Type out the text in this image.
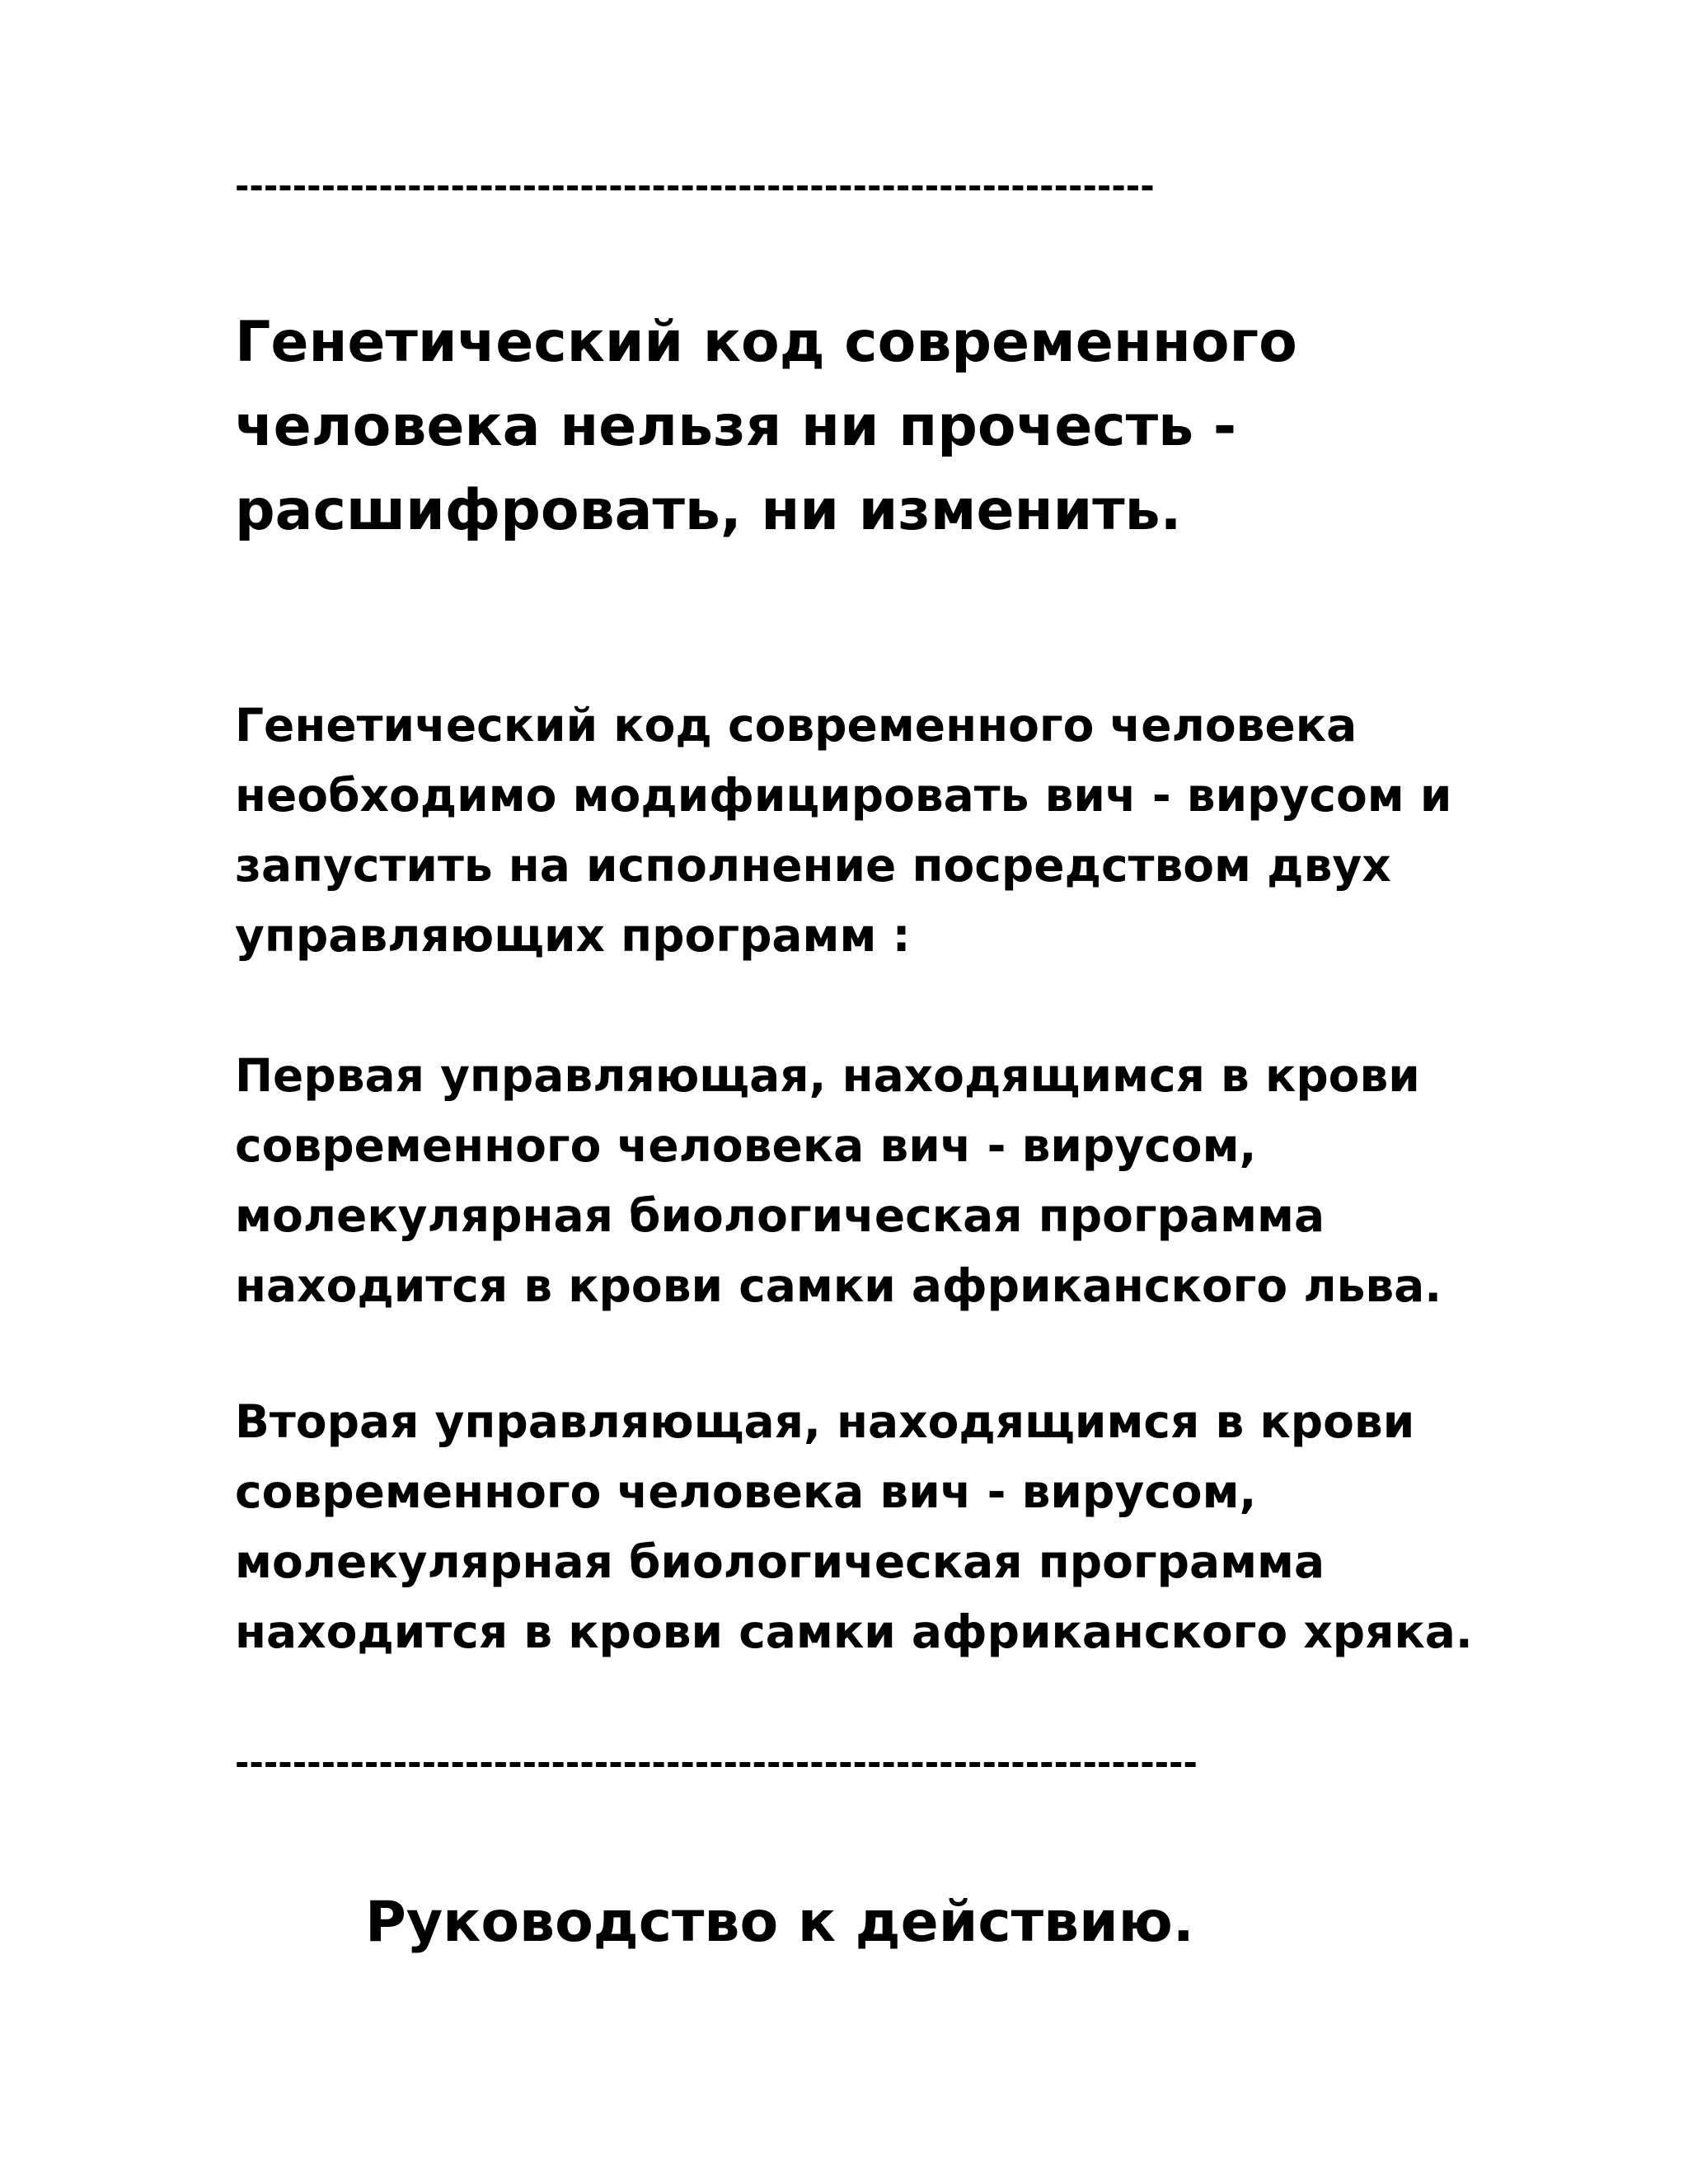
----------------------------------------------------------------
Генетический код современного
человека нельзя ни прочесть -
расшифровать, ни изменить.

Генетический код современного человека
необходимо модифицировать вич - вирусом и
запустить на исполнение посредством двух
управляющих программ :

Первая управляющая, находящимся в крови
современного человека вич - вирусом,
молекулярная биологическая программа
находится в крови самки африканского льва.

Вторая управляющая, находящимся в крови
современного человека вич - вирусом,
молекулярная биологическая программа
находится в крови самки африканского хряка.

-------------------------------------------------------------------
Руководство к действию.
